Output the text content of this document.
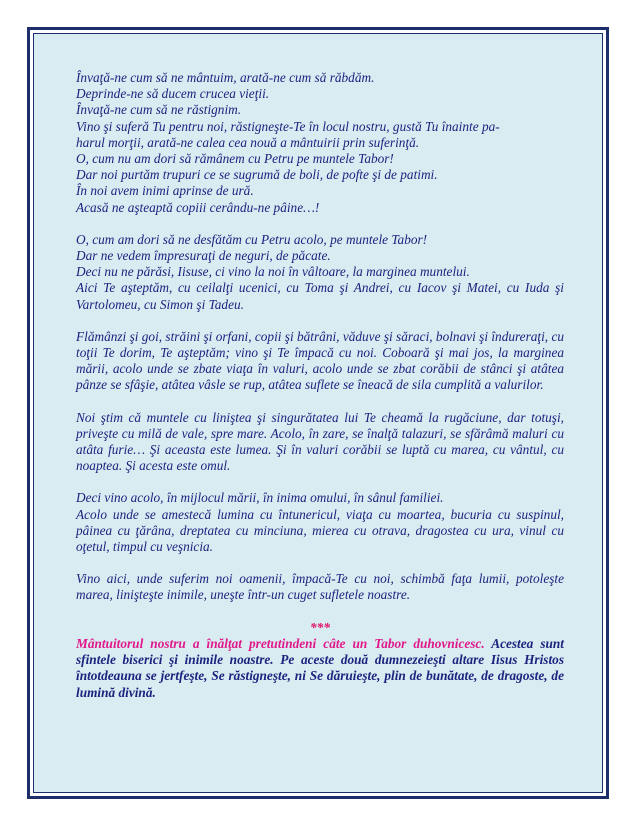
Învaţă-ne cum să ne mântuim, arată-ne cum să răbdăm.

Deprinde-ne să ducem crucea vieţii.

Învaţă-ne cum să ne răstignim.

Vino şi suferă Tu pentru noi, răstigneşte-Te în locul nostru, gustă Tu înainte pa-

harul morţii, arată-ne calea cea nouă a mântuirii prin suferinţă.

O, cum nu am dori să rămânem cu Petru pe muntele Tabor!

Dar noi purtăm trupuri ce se sugrumă de boli, de pofte şi de patimi.

În noi avem inimi aprinse de ură.

Acasă ne aşteaptă copiii cerându-ne pâine…!

O, cum am dori să ne desfătăm cu Petru acolo, pe muntele Tabor!

Dar ne vedem împresuraţi de neguri, de păcate.

Deci nu ne părăsi, Iisuse, ci vino la noi în vâltoare, la marginea muntelui.

Aici Te aşteptăm, cu ceilalţi ucenici, cu Toma şi Andrei, cu Iacov şi Matei, cu Iuda şi Vartolomeu, cu Simon şi Tadeu.

Flămânzi şi goi, străini şi orfani, copii şi bătrâni, văduve şi săraci, bolnavi şi îndureraţi, cu toţii Te dorim, Te aşteptăm; vino şi Te împacă cu noi. Coboară şi mai jos, la marginea mării, acolo unde se zbate viaţa în valuri, acolo unde se zbat corăbii de stânci şi atâtea pânze se sfâşie, atâtea vâsle se rup, atâtea suflete se îneacă de sila cumplită a valurilor.

Noi ştim că muntele cu liniştea şi singurătatea lui Te cheamă la rugăciune, dar totuşi, priveşte cu milă de vale, spre mare. Acolo, în zare, se înalţă talazuri, se sfărâmă maluri cu atâta furie… Şi aceasta este lumea. Şi în valuri corăbii se luptă cu marea, cu vântul, cu noaptea. Şi acesta este omul.

Deci vino acolo, în mijlocul mării, în inima omului, în sânul familiei.

Acolo unde se amestecă lumina cu întunericul, viaţa cu moartea, bucuria cu suspinul, pâinea cu ţărâna, dreptatea cu minciuna, mierea cu otrava, dragostea cu ura, vinul cu oţetul, timpul cu veşnicia.

Vino aici, unde suferim noi oamenii, împacă-Te cu noi, schimbă faţa lumii, potoleşte marea, linişteşte inimile, uneşte într-un cuget sufletele noastre.

***

Mântuitorul nostru a înălţat pretutindeni câte un Tabor duhovnicesc. Acestea sunt sfintele biserici şi inimile noastre. Pe aceste două dumnezeieşti altare Iisus Hristos întotdeauna se jertfeşte, Se răstigneşte, ni Se dăruieşte, plin de bunătate, de dragoste, de lumină divină.
